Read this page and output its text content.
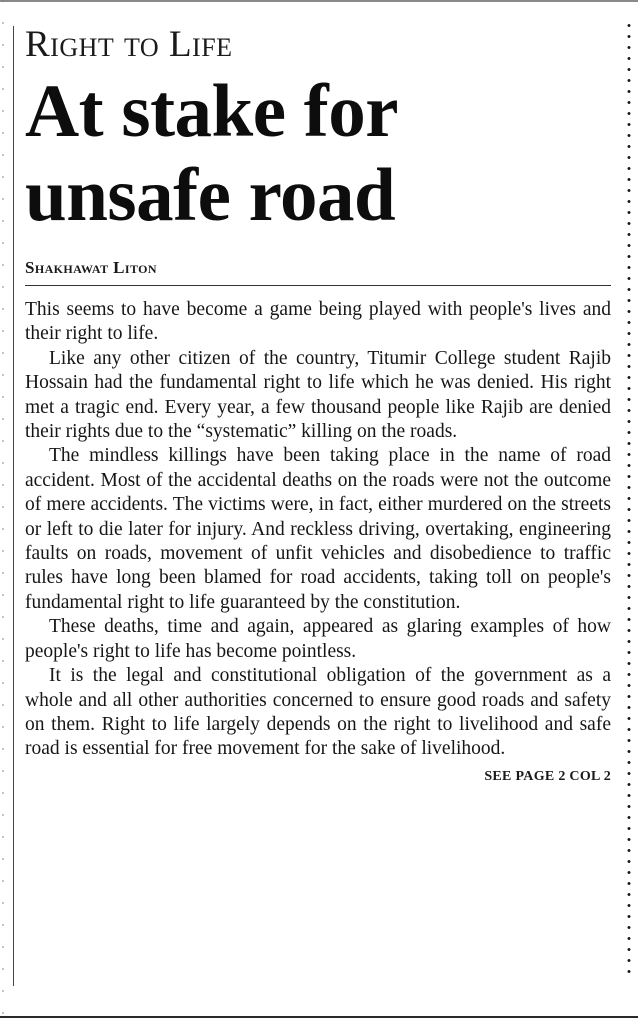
Right to Life
At stake for
unsafe road
Shakhawat Liton

This seems to have become a game being played with people's lives and their right to life.

Like any other citizen of the country, Titumir College student Rajib Hossain had the fundamental right to life which he was denied. His right met a tragic end. Every year, a few thousand people like Rajib are denied their rights due to the “systematic” killing on the roads.

The mindless killings have been taking place in the name of road accident. Most of the accidental deaths on the roads were not the outcome of mere accidents. The victims were, in fact, either murdered on the streets or left to die later for injury. And reckless driving, overtaking, engineering faults on roads, movement of unfit vehicles and disobedience to traffic rules have long been blamed for road accidents, taking toll on people's fundamental right to life guaranteed by the constitution.

These deaths, time and again, appeared as glaring examples of how people's right to life has become pointless.

It is the legal and constitutional obligation of the government as a whole and all other authorities concerned to ensure good roads and safety on them. Right to life largely depends on the right to livelihood and safe road is essential for free movement for the sake of livelihood.

SEE PAGE 2 COL 2
